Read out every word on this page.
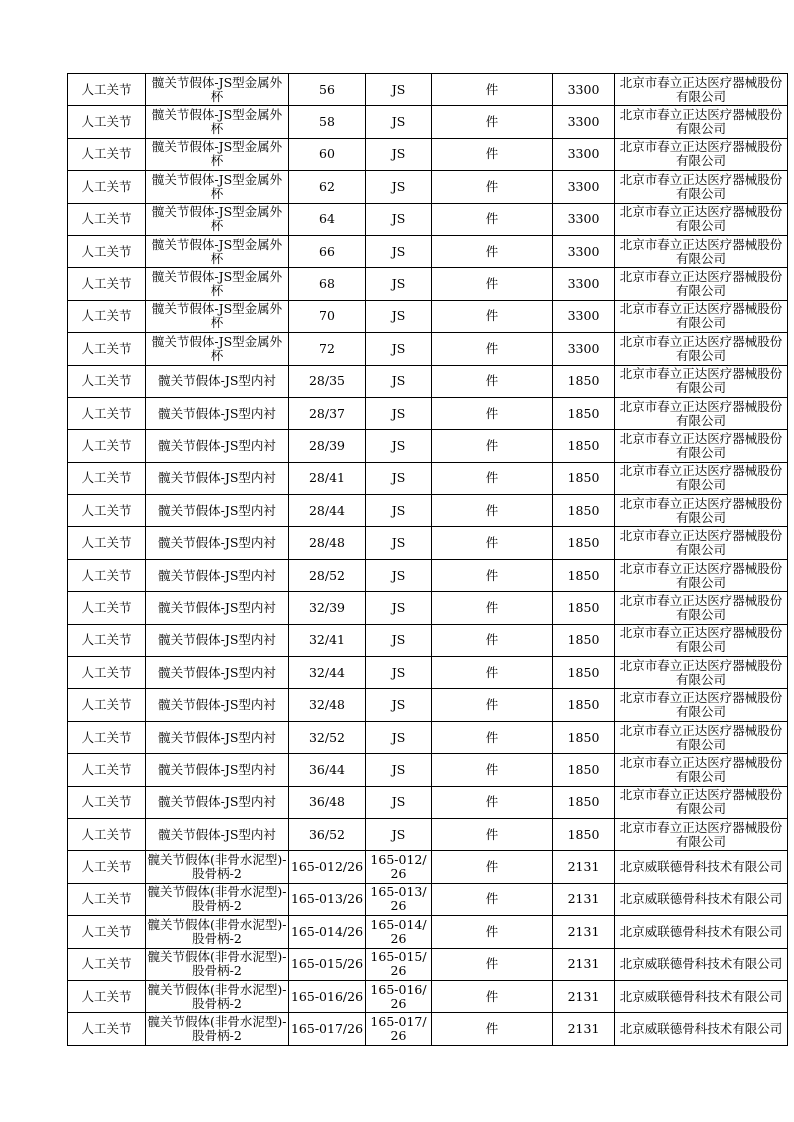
人工关节	髋关节假体-JS型金属外杯	56	JS	件	3300	北京市春立正达医疗器械股份有限公司
人工关节	髋关节假体-JS型金属外杯	58	JS	件	3300	北京市春立正达医疗器械股份有限公司
人工关节	髋关节假体-JS型金属外杯	60	JS	件	3300	北京市春立正达医疗器械股份有限公司
人工关节	髋关节假体-JS型金属外杯	62	JS	件	3300	北京市春立正达医疗器械股份有限公司
人工关节	髋关节假体-JS型金属外杯	64	JS	件	3300	北京市春立正达医疗器械股份有限公司
人工关节	髋关节假体-JS型金属外杯	66	JS	件	3300	北京市春立正达医疗器械股份有限公司
人工关节	髋关节假体-JS型金属外杯	68	JS	件	3300	北京市春立正达医疗器械股份有限公司
人工关节	髋关节假体-JS型金属外杯	70	JS	件	3300	北京市春立正达医疗器械股份有限公司
人工关节	髋关节假体-JS型金属外杯	72	JS	件	3300	北京市春立正达医疗器械股份有限公司
人工关节	髋关节假体-JS型内衬	28/35	JS	件	1850	北京市春立正达医疗器械股份有限公司
人工关节	髋关节假体-JS型内衬	28/37	JS	件	1850	北京市春立正达医疗器械股份有限公司
人工关节	髋关节假体-JS型内衬	28/39	JS	件	1850	北京市春立正达医疗器械股份有限公司
人工关节	髋关节假体-JS型内衬	28/41	JS	件	1850	北京市春立正达医疗器械股份有限公司
人工关节	髋关节假体-JS型内衬	28/44	JS	件	1850	北京市春立正达医疗器械股份有限公司
人工关节	髋关节假体-JS型内衬	28/48	JS	件	1850	北京市春立正达医疗器械股份有限公司
人工关节	髋关节假体-JS型内衬	28/52	JS	件	1850	北京市春立正达医疗器械股份有限公司
人工关节	髋关节假体-JS型内衬	32/39	JS	件	1850	北京市春立正达医疗器械股份有限公司
人工关节	髋关节假体-JS型内衬	32/41	JS	件	1850	北京市春立正达医疗器械股份有限公司
人工关节	髋关节假体-JS型内衬	32/44	JS	件	1850	北京市春立正达医疗器械股份有限公司
人工关节	髋关节假体-JS型内衬	32/48	JS	件	1850	北京市春立正达医疗器械股份有限公司
人工关节	髋关节假体-JS型内衬	32/52	JS	件	1850	北京市春立正达医疗器械股份有限公司
人工关节	髋关节假体-JS型内衬	36/44	JS	件	1850	北京市春立正达医疗器械股份有限公司
人工关节	髋关节假体-JS型内衬	36/48	JS	件	1850	北京市春立正达医疗器械股份有限公司
人工关节	髋关节假体-JS型内衬	36/52	JS	件	1850	北京市春立正达医疗器械股份有限公司
人工关节	髋关节假体(非骨水泥型)-股骨柄-2	165-012/26	165-012/26	件	2131	北京威联德骨科技术有限公司
人工关节	髋关节假体(非骨水泥型)-股骨柄-2	165-013/26	165-013/26	件	2131	北京威联德骨科技术有限公司
人工关节	髋关节假体(非骨水泥型)-股骨柄-2	165-014/26	165-014/26	件	2131	北京威联德骨科技术有限公司
人工关节	髋关节假体(非骨水泥型)-股骨柄-2	165-015/26	165-015/26	件	2131	北京威联德骨科技术有限公司
人工关节	髋关节假体(非骨水泥型)-股骨柄-2	165-016/26	165-016/26	件	2131	北京威联德骨科技术有限公司
人工关节	髋关节假体(非骨水泥型)-股骨柄-2	165-017/26	165-017/26	件	2131	北京威联德骨科技术有限公司
